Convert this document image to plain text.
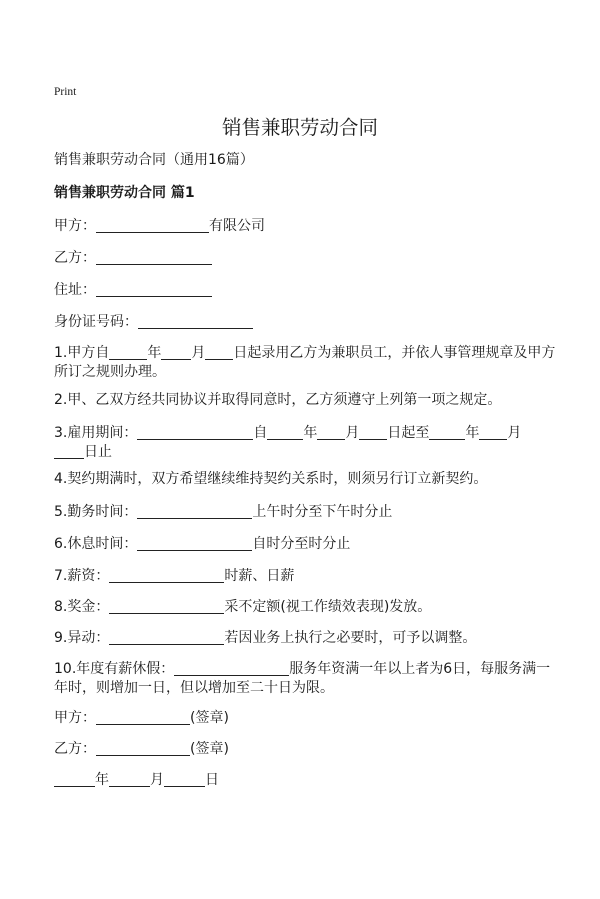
Print
销售兼职劳动合同
销售兼职劳动合同（通用16篇）
销售兼职劳动合同 篇1
甲方：	有限公司
乙方：
住址：
身份证号码：
1.甲方自	年 月 日起录用乙方为兼职员工，并依人事管理规章及甲方
所订之规则办理。
2.甲、乙双方经共同协议并取得同意时，乙方须遵守上列第一项之规定。
3.雇用期间：	自	年 月 日起至	年 月
日止
4.契约期满时，双方希望继续维持契约关系时，则须另行订立新契约。
5.勤务时间：	上午时分至下午时分止
6.休息时间：	自时分至时分止
7.薪资：	时薪、日薪
8.奖金：	采不定额(视工作绩效表现)发放。
9.异动：	若因业务上执行之必要时，可予以调整。
10.年度有薪休假：	服务年资满一年以上者为6日，每服务满一
年时，则增加一日，但以增加至二十日为限。
甲方：	(签章)
乙方：	(签章)
年	月	日
